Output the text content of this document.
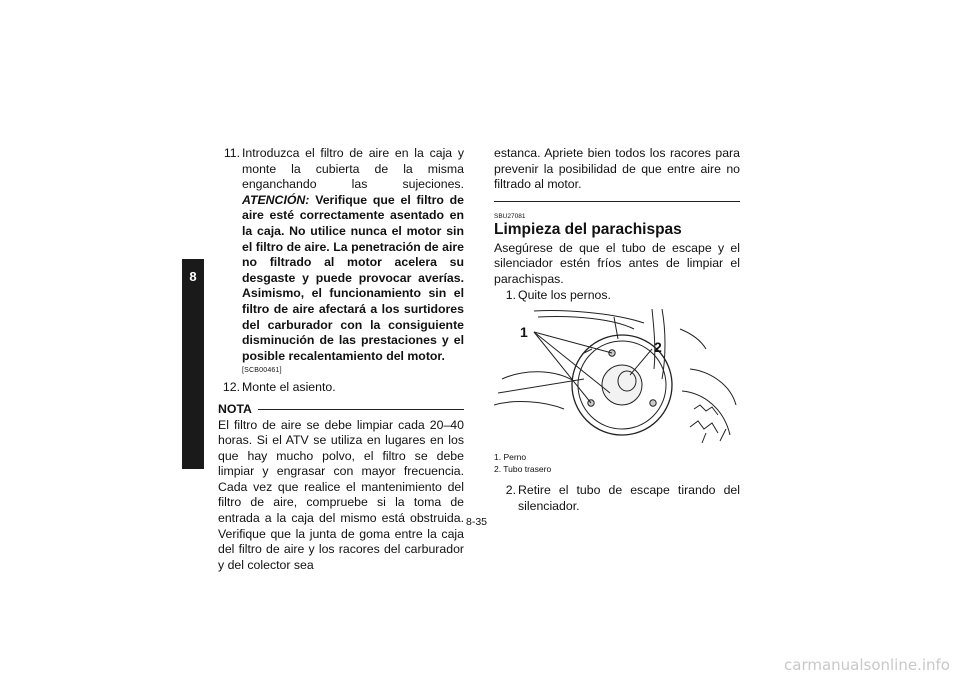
8
11. Introduzca el filtro de aire en la caja y monte la cubierta de la misma enganchando las sujeciones. ATENCIÓN: Verifique que el filtro de aire esté correctamente asentado en la caja. No utilice nunca el motor sin el filtro de aire. La penetración de aire no filtrado al motor acelera su desgaste y puede provocar averías. Asimismo, el funcionamiento sin el filtro de aire afectará a los surtidores del carburador con la consiguiente disminución de las prestaciones y el posible recalentamiento del motor.
[SCB00461]
12. Monte el asiento.
NOTA
El filtro de aire se debe limpiar cada 20–40 horas. Si el ATV se utiliza en lugares en los que hay mucho polvo, el filtro se debe limpiar y engrasar con mayor frecuencia. Cada vez que realice el mantenimiento del filtro de aire, compruebe si la toma de entrada a la caja del mismo está obstruida. Verifique que la junta de goma entre la caja del filtro de aire y los racores del carburador y del colector sea
estanca. Apriete bien todos los racores para prevenir la posibilidad de que entre aire no filtrado al motor.
SBU27081
Limpieza del parachispas
Asegúrese de que el tubo de escape y el silenciador estén fríos antes de limpiar el parachispas.
1. Quite los pernos.
1
2
1. Perno
2. Tubo trasero
2. Retire el tubo de escape tirando del silenciador.
8-35
carmanualsonline.info
